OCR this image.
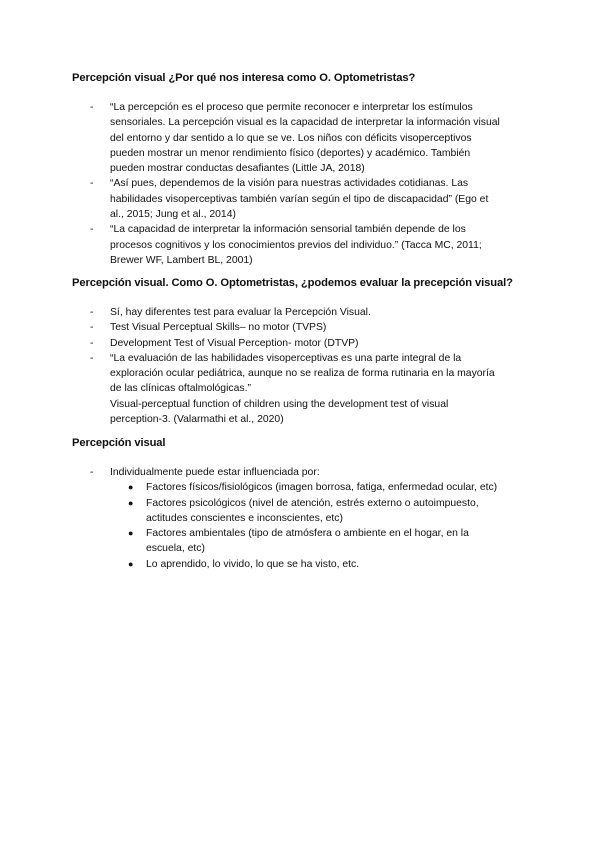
Percepción visual ¿Por qué nos interesa como O. Optometristas?
- “La percepción es el proceso que permite reconocer e interpretar los estímulos
sensoriales. La percepción visual es la capacidad de interpretar la información visual
del entorno y dar sentido a lo que se ve. Los niños con déficits visoperceptivos
pueden mostrar un menor rendimiento físico (deportes) y académico. También
pueden mostrar conductas desafiantes (Little JA, 2018)
- “Así pues, dependemos de la visión para nuestras actividades cotidianas. Las
habilidades visoperceptivas también varían según el tipo de discapacidad” (Ego et
al., 2015; Jung et al., 2014)
- “La capacidad de interpretar la información sensorial también depende de los
procesos cognitivos y los conocimientos previos del individuo.” (Tacca MC, 2011;
Brewer WF, Lambert BL, 2001)
Percepción visual. Como O. Optometristas, ¿podemos evaluar la precepción visual?
- Sí, hay diferentes test para evaluar la Percepción Visual.
- Test Visual Perceptual Skills– no motor (TVPS)
- Development Test of Visual Perception- motor (DTVP)
- “La evaluación de las habilidades visoperceptivas es una parte integral de la
exploración ocular pediátrica, aunque no se realiza de forma rutinaria en la mayoría
de las clínicas oftalmológicas.”
Visual-perceptual function of children using the development test of visual
perception-3. (Valarmathi et al., 2020)
Percepción visual
- Individualmente puede estar influenciada por:
● Factores físicos/fisiológicos (imagen borrosa, fatiga, enfermedad ocular, etc)
● Factores psicológicos (nivel de atención, estrés externo o autoimpuesto,
actitudes conscientes e inconscientes, etc)
● Factores ambientales (tipo de atmósfera o ambiente en el hogar, en la
escuela, etc)
● Lo aprendido, lo vivido, lo que se ha visto, etc.
